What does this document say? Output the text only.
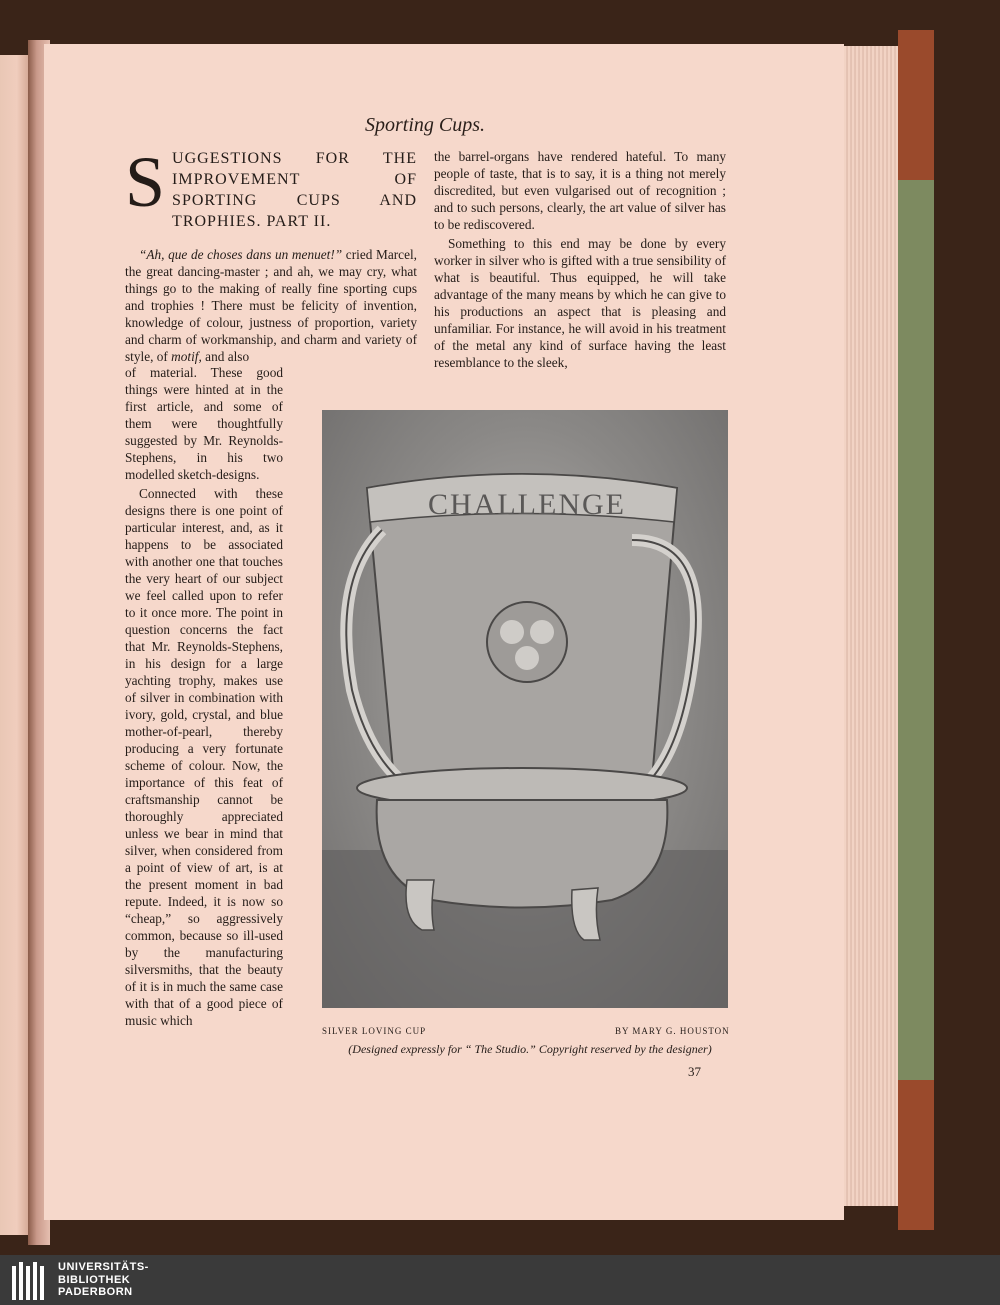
Sporting Cups.
SUGGESTIONS FOR THE IMPROVEMENT OF SPORTING CUPS AND TROPHIES. PART II.

“Ah, que de choses dans un menuet!” cried Marcel, the great dancing-master ; and ah, we may cry, what things go to the making of really fine sporting cups and trophies ! There must be felicity of invention, knowledge of colour, justness of proportion, variety and charm of workmanship, and charm and variety of style, of motif, and also

of material. These good things were hinted at in the first article, and some of them were thoughtfully suggested by Mr. Reynolds-Stephens, in his two modelled sketch-designs.

Connected with these designs there is one point of particular interest, and, as it happens to be associated with another one that touches the very heart of our subject we feel called upon to refer to it once more. The point in question concerns the fact that Mr. Reynolds-Stephens, in his design for a large yachting trophy, makes use of silver in combination with ivory, gold, crystal, and blue mother-of-pearl, thereby producing a very fortunate scheme of colour. Now, the importance of this feat of craftsmanship cannot be thoroughly appreciated unless we bear in mind that silver, when considered from a point of view of art, is at the present moment in bad repute. Indeed, it is now so “cheap,” so aggressively common, because so ill-used by the manufacturing silversmiths, that the beauty of it is in much the same case with that of a good piece of music which

the barrel-organs have rendered hateful. To many people of taste, that is to say, it is a thing not merely discredited, but even vulgarised out of recognition ; and to such persons, clearly, the art value of silver has to be rediscovered.

Something to this end may be done by every worker in silver who is gifted with a true sensibility of what is beautiful. Thus equipped, he will take advantage of the many means by which he can give to his productions an aspect that is pleasing and unfamiliar. For instance, he will avoid in his treatment of the metal any kind of surface having the least resemblance to the sleek,

CHALLENGE
SILVER LOVING CUP	BY MARY G. HOUSTON
(Designed expressly for “ The Studio.” Copyright reserved by the designer)
37
UNIVERSITÄTS-
BIBLIOTHEK
PADERBORN
